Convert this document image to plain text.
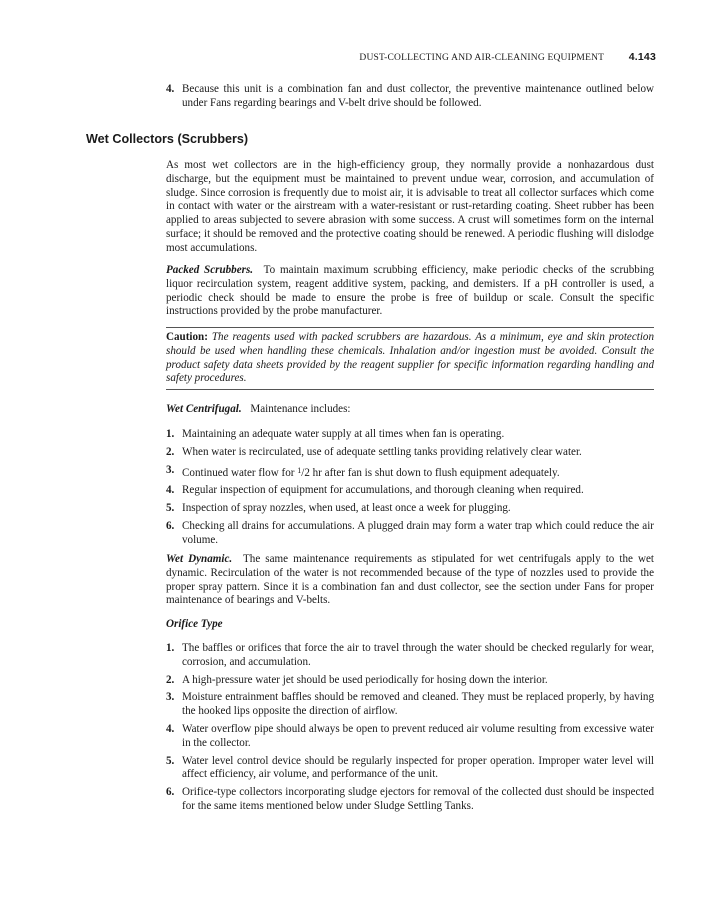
DUST-COLLECTING AND AIR-CLEANING EQUIPMENT 4.143
4. Because this unit is a combination fan and dust collector, the preventive maintenance outlined below under Fans regarding bearings and V-belt drive should be followed.
Wet Collectors (Scrubbers)

As most wet collectors are in the high-efficiency group, they normally provide a nonhazardous dust discharge, but the equipment must be maintained to prevent undue wear, corrosion, and accumulation of sludge. Since corrosion is frequently due to moist air, it is advisable to treat all collector surfaces which come in contact with water or the airstream with a water-resistant or rust-retarding coating. Sheet rubber has been applied to areas subjected to severe abrasion with some success. A crust will sometimes form on the internal surface; it should be removed and the protective coating should be renewed. A periodic flushing will dislodge most accumulations.

Packed Scrubbers. To maintain maximum scrubbing efficiency, make periodic checks of the scrubbing liquor recirculation system, reagent additive system, packing, and demisters. If a pH controller is used, a periodic check should be made to ensure the probe is free of buildup or scale. Consult the specific instructions provided by the probe manufacturer.

Caution: The reagents used with packed scrubbers are hazardous. As a minimum, eye and skin protection should be used when handling these chemicals. Inhalation and/or ingestion must be avoided. Consult the product safety data sheets provided by the reagent supplier for specific information regarding handling and safety procedures.

Wet Centrifugal. Maintenance includes:

1. Maintaining an adequate water supply at all times when fan is operating.
2. When water is recirculated, use of adequate settling tanks providing relatively clear water.
3. Continued water flow for $^1$/2 hr after fan is shut down to flush equipment adequately.
4. Regular inspection of equipment for accumulations, and thorough cleaning when required.
5. Inspection of spray nozzles, when used, at least once a week for plugging.
6. Checking all drains for accumulations. A plugged drain may form a water trap which could reduce the air volume.

Wet Dynamic. The same maintenance requirements as stipulated for wet centrifugals apply to the wet dynamic. Recirculation of the water is not recommended because of the type of nozzles used to provide the proper spray pattern. Since it is a combination fan and dust collector, see the section under Fans for proper maintenance of bearings and V-belts.

Orifice Type
1. The baffles or orifices that force the air to travel through the water should be checked regularly for wear, corrosion, and accumulation.
2. A high-pressure water jet should be used periodically for hosing down the interior.
3. Moisture entrainment baffles should be removed and cleaned. They must be replaced properly, by having the hooked lips opposite the direction of airflow.
4. Water overflow pipe should always be open to prevent reduced air volume resulting from excessive water in the collector.
5. Water level control device should be regularly inspected for proper operation. Improper water level will affect efficiency, air volume, and performance of the unit.
6. Orifice-type collectors incorporating sludge ejectors for removal of the collected dust should be inspected for the same items mentioned below under Sludge Settling Tanks.
